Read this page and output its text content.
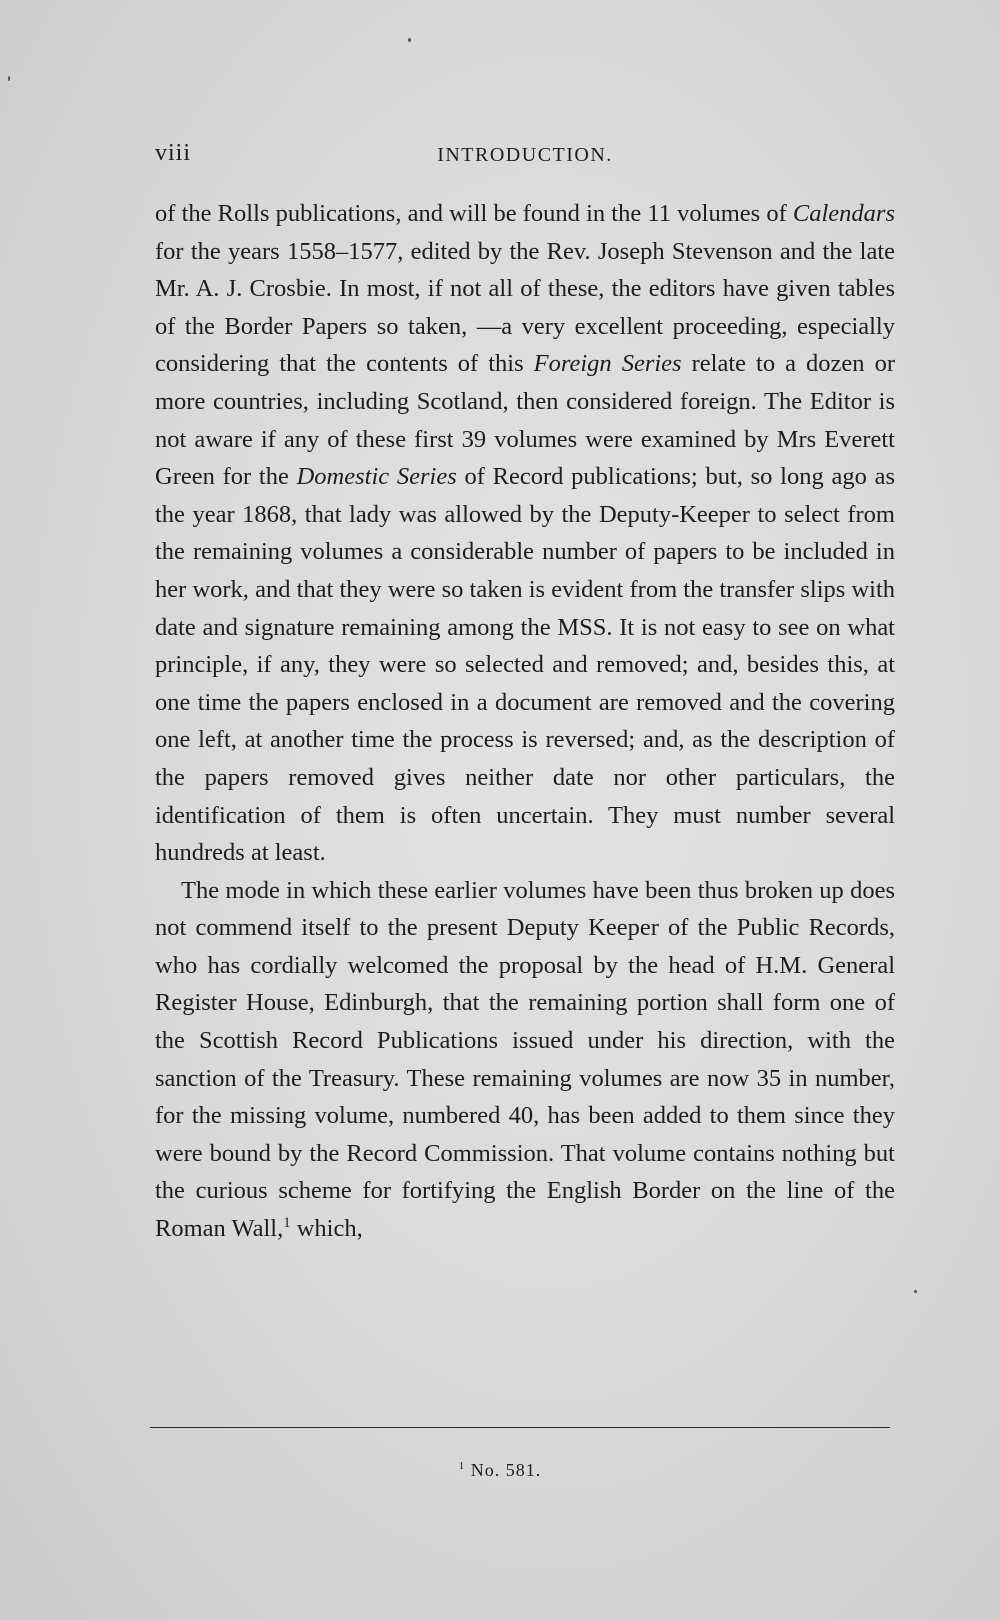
viii	INTRODUCTION.

of the Rolls publications, and will be found in the 11 volumes of Calendars for the years 1558–1577, edited by the Rev. Joseph Stevenson and the late Mr. A. J. Crosbie. In most, if not all of these, the editors have given tables of the Border Papers so taken, —a very excellent proceeding, especially considering that the contents of this Foreign Series relate to a dozen or more countries, including Scotland, then considered foreign. The Editor is not aware if any of these first 39 volumes were examined by Mrs Everett Green for the Domestic Series of Record publications; but, so long ago as the year 1868, that lady was allowed by the Deputy-Keeper to select from the remaining volumes a considerable number of papers to be included in her work, and that they were so taken is evident from the transfer slips with date and signature remaining among the MSS. It is not easy to see on what principle, if any, they were so selected and removed; and, besides this, at one time the papers enclosed in a document are removed and the covering one left, at another time the process is reversed; and, as the description of the papers removed gives neither date nor other particulars, the identification of them is often uncertain. They must number several hundreds at least.

The mode in which these earlier volumes have been thus broken up does not commend itself to the present Deputy Keeper of the Public Records, who has cordially welcomed the proposal by the head of H.M. General Register House, Edinburgh, that the remaining portion shall form one of the Scottish Record Publications issued under his direction, with the sanction of the Treasury. These remaining volumes are now 35 in number, for the missing volume, numbered 40, has been added to them since they were bound by the Record Commission. That volume contains nothing but the curious scheme for fortifying the English Border on the line of the Roman Wall,$^1$ which,

$^1$ No. 581.
